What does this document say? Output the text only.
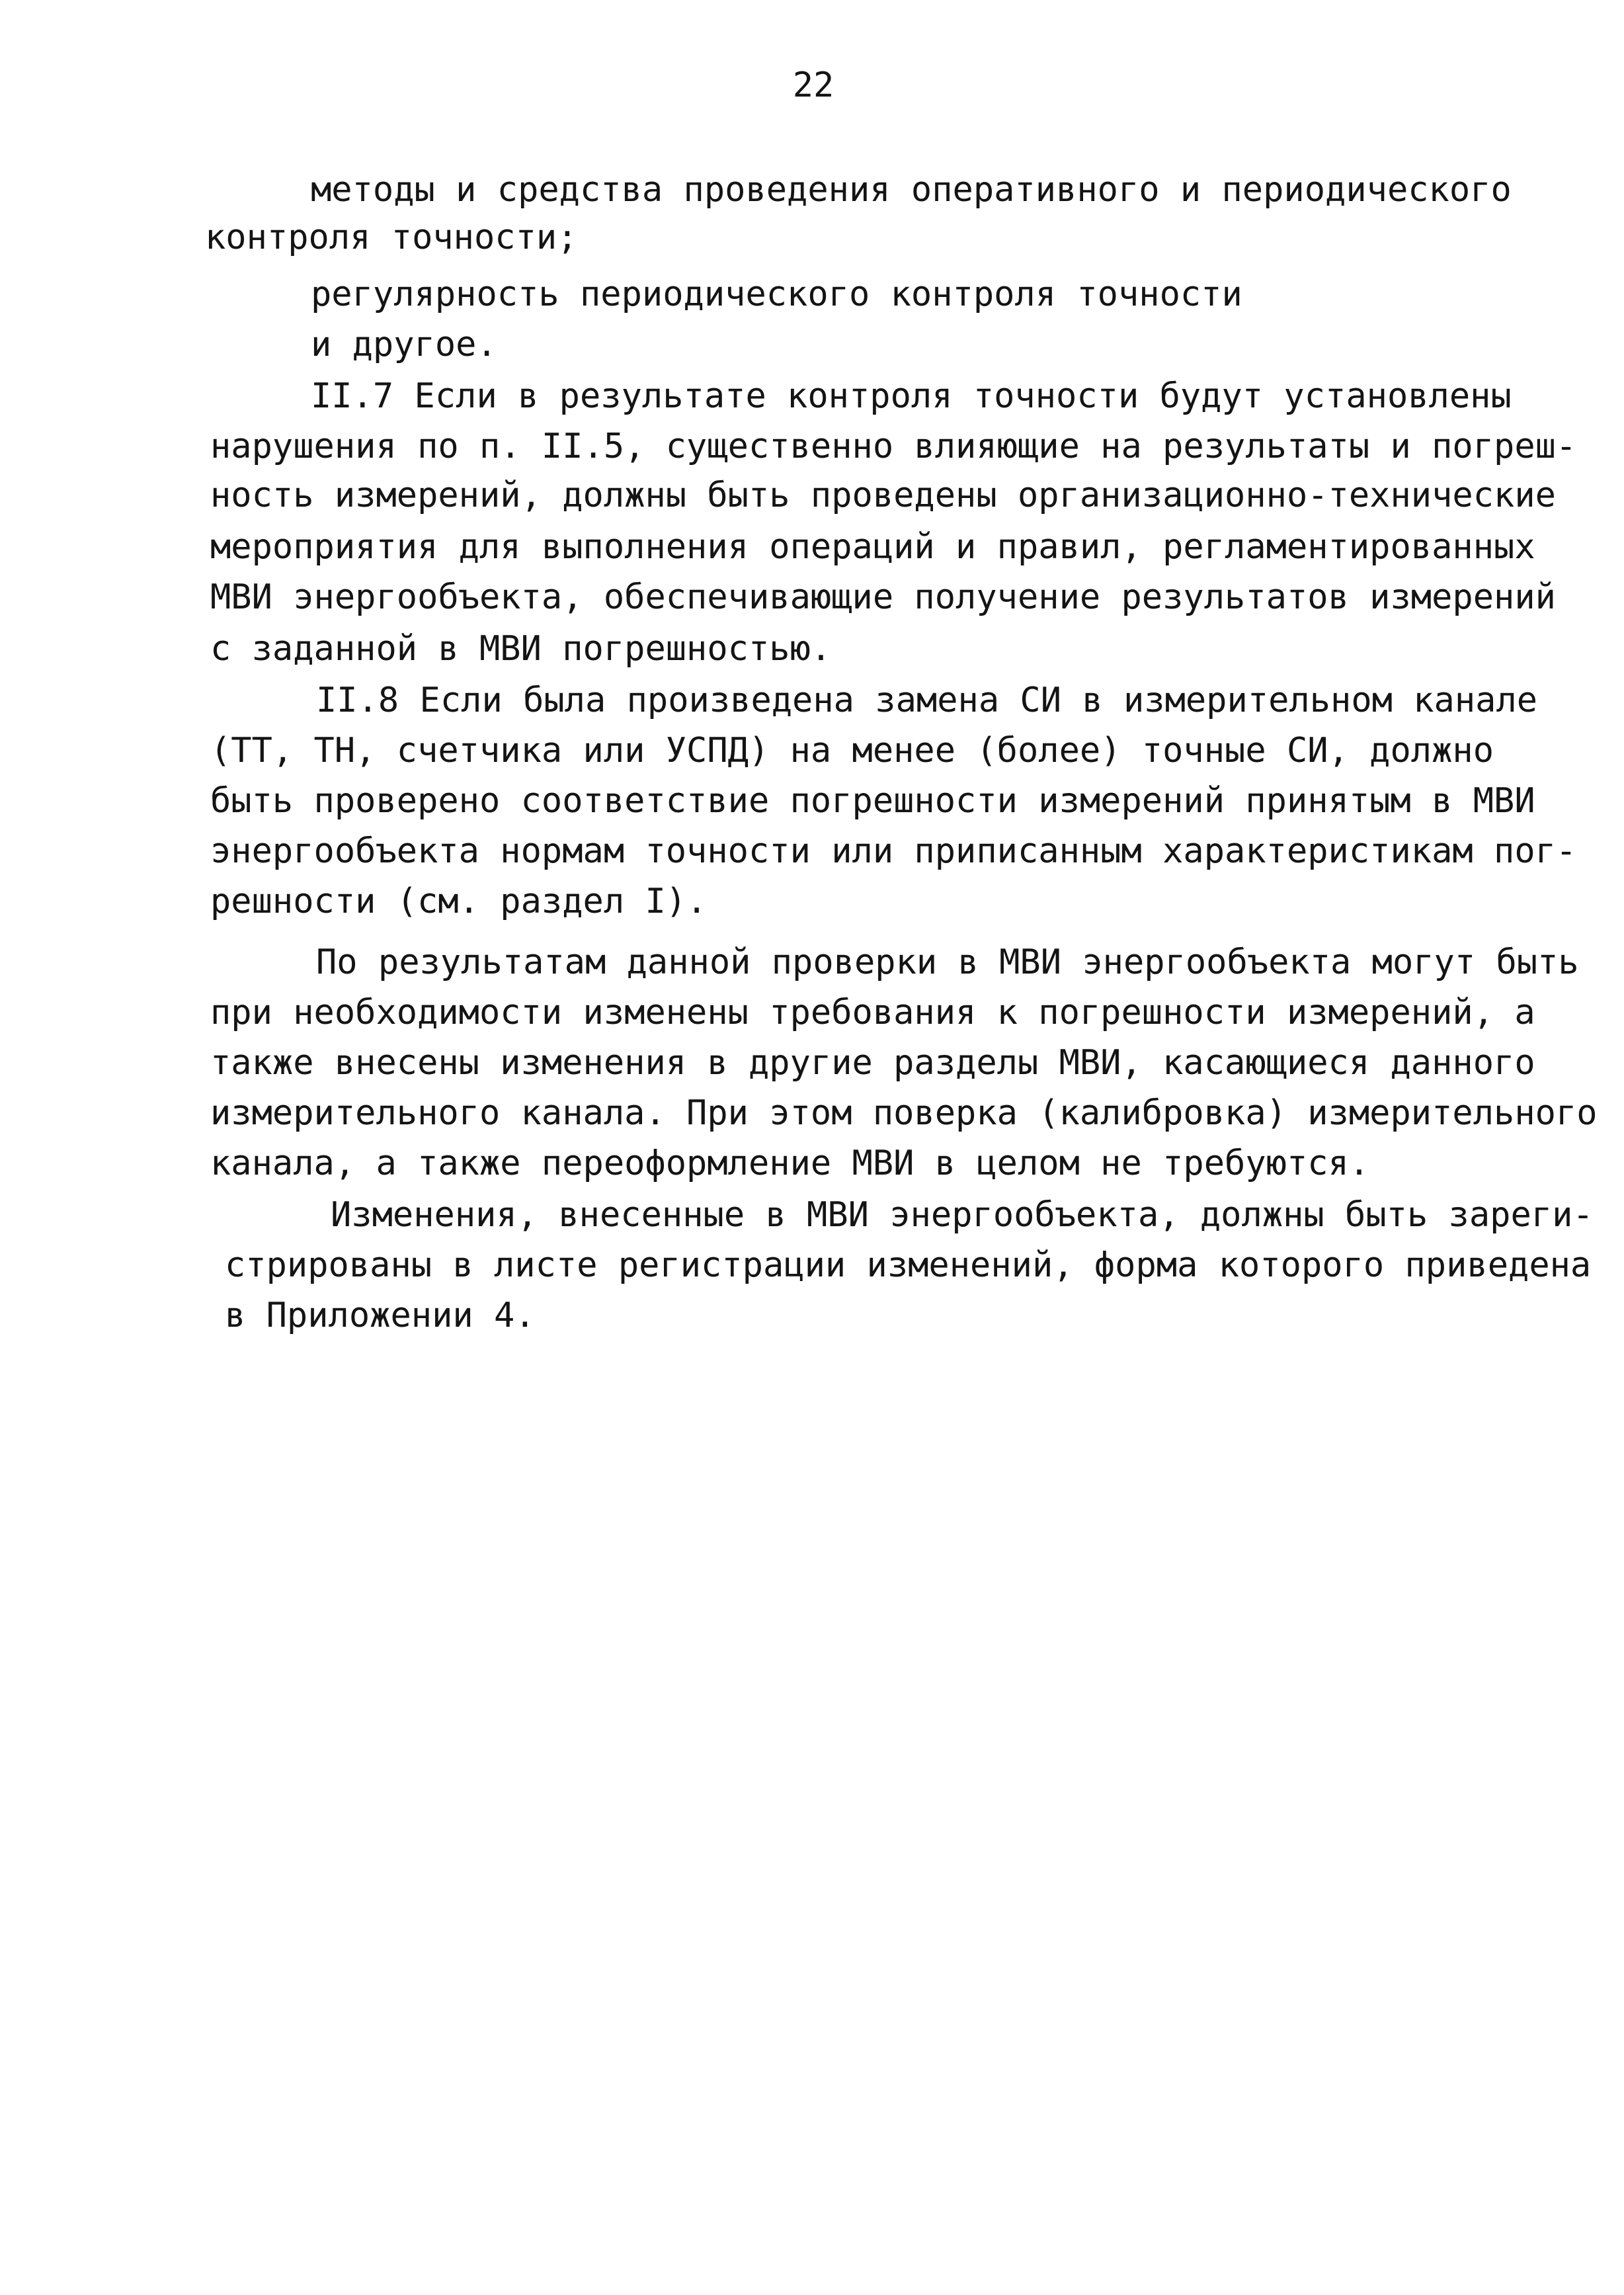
22
методы и средства проведения оперативного и периодического
контроля точности;
регулярность периодического контроля точности
и другое.
II.7 Если в результате контроля точности будут установлены
нарушения по п. II.5, существенно влияющие на результаты и погреш-
ность измерений, должны быть проведены организационно-технические
мероприятия для выполнения операций и правил, регламентированных
МВИ энергообъекта, обеспечивающие получение результатов измерений
с заданной в МВИ погрешностью.
II.8 Если была произведена замена СИ в измерительном канале
(ТТ, ТН, счетчика или УСПД) на менее (более) точные СИ, должно
быть проверено соответствие погрешности измерений принятым в МВИ
энергообъекта нормам точности или приписанным характеристикам пог-
решности (см. раздел I).
По результатам данной проверки в МВИ энергообъекта могут быть
при необходимости изменены требования к погрешности измерений, а
также внесены изменения в другие разделы МВИ, касающиеся данного
измерительного канала. При этом поверка (калибровка) измерительного
канала, а также переоформление МВИ в целом не требуются.
Изменения, внесенные в МВИ энергообъекта, должны быть зареги-
стрированы в листе регистрации изменений, форма которого приведена
в Приложении 4.
